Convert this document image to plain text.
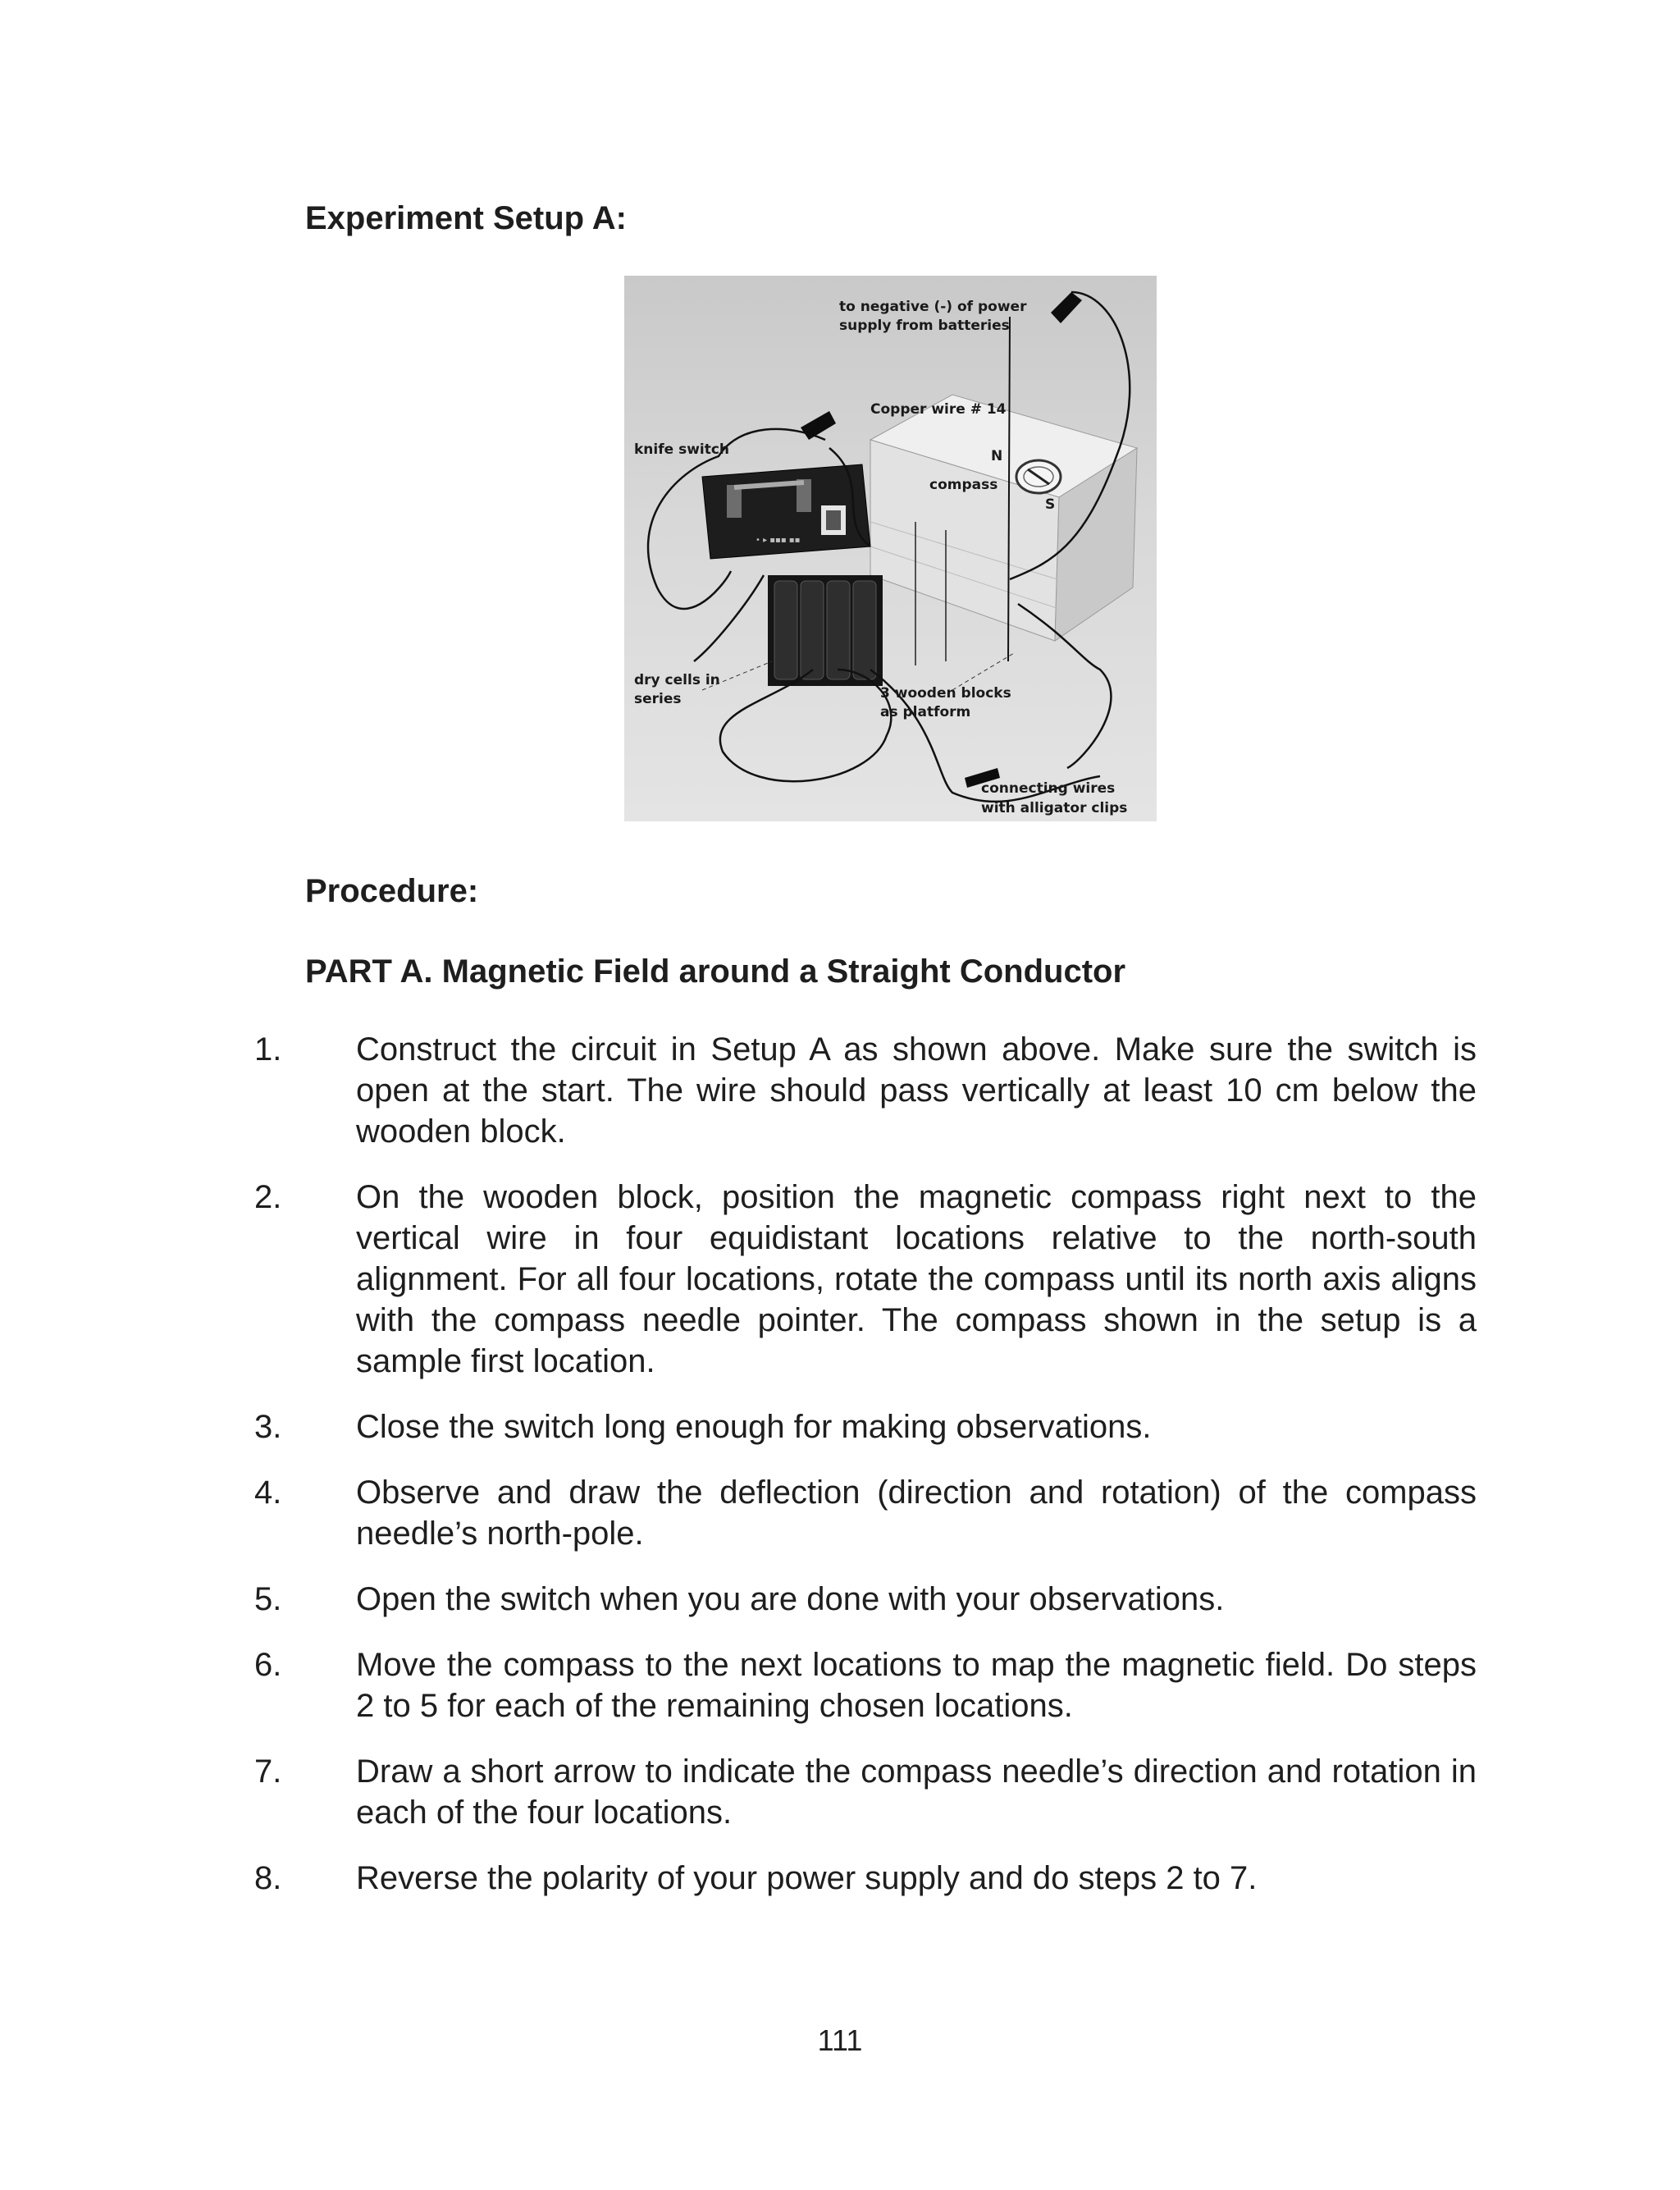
Experiment Setup A:
• ▸ ▪▪▪ ▪▪
to negative (-) of power
supply from batteries
Copper wire # 14
knife switch
compass
N
S
dry cells in
series	3 wooden blocks
as platform
connecting wires
with alligator clips
Procedure:
PART A. Magnetic Field around a Straight Conductor
1. Construct the circuit in Setup A as shown above. Make sure the switch is open at the start. The wire should pass vertically at least 10 cm below the wooden block.
2. On the wooden block, position the magnetic compass right next to the vertical wire in four equidistant locations relative to the north-south alignment. For all four locations, rotate the compass until its north axis aligns with the compass needle pointer. The compass shown in the setup is a sample first location.
3. Close the switch long enough for making observations.
4. Observe and draw the deflection (direction and rotation) of the compass needle’s north-pole.
5. Open the switch when you are done with your observations.
6. Move the compass to the next locations to map the magnetic field. Do steps 2 to 5 for each of the remaining chosen locations.
7. Draw a short arrow to indicate the compass needle’s direction and rotation in each of the four locations.
8. Reverse the polarity of your power supply and do steps 2 to 7.
111
